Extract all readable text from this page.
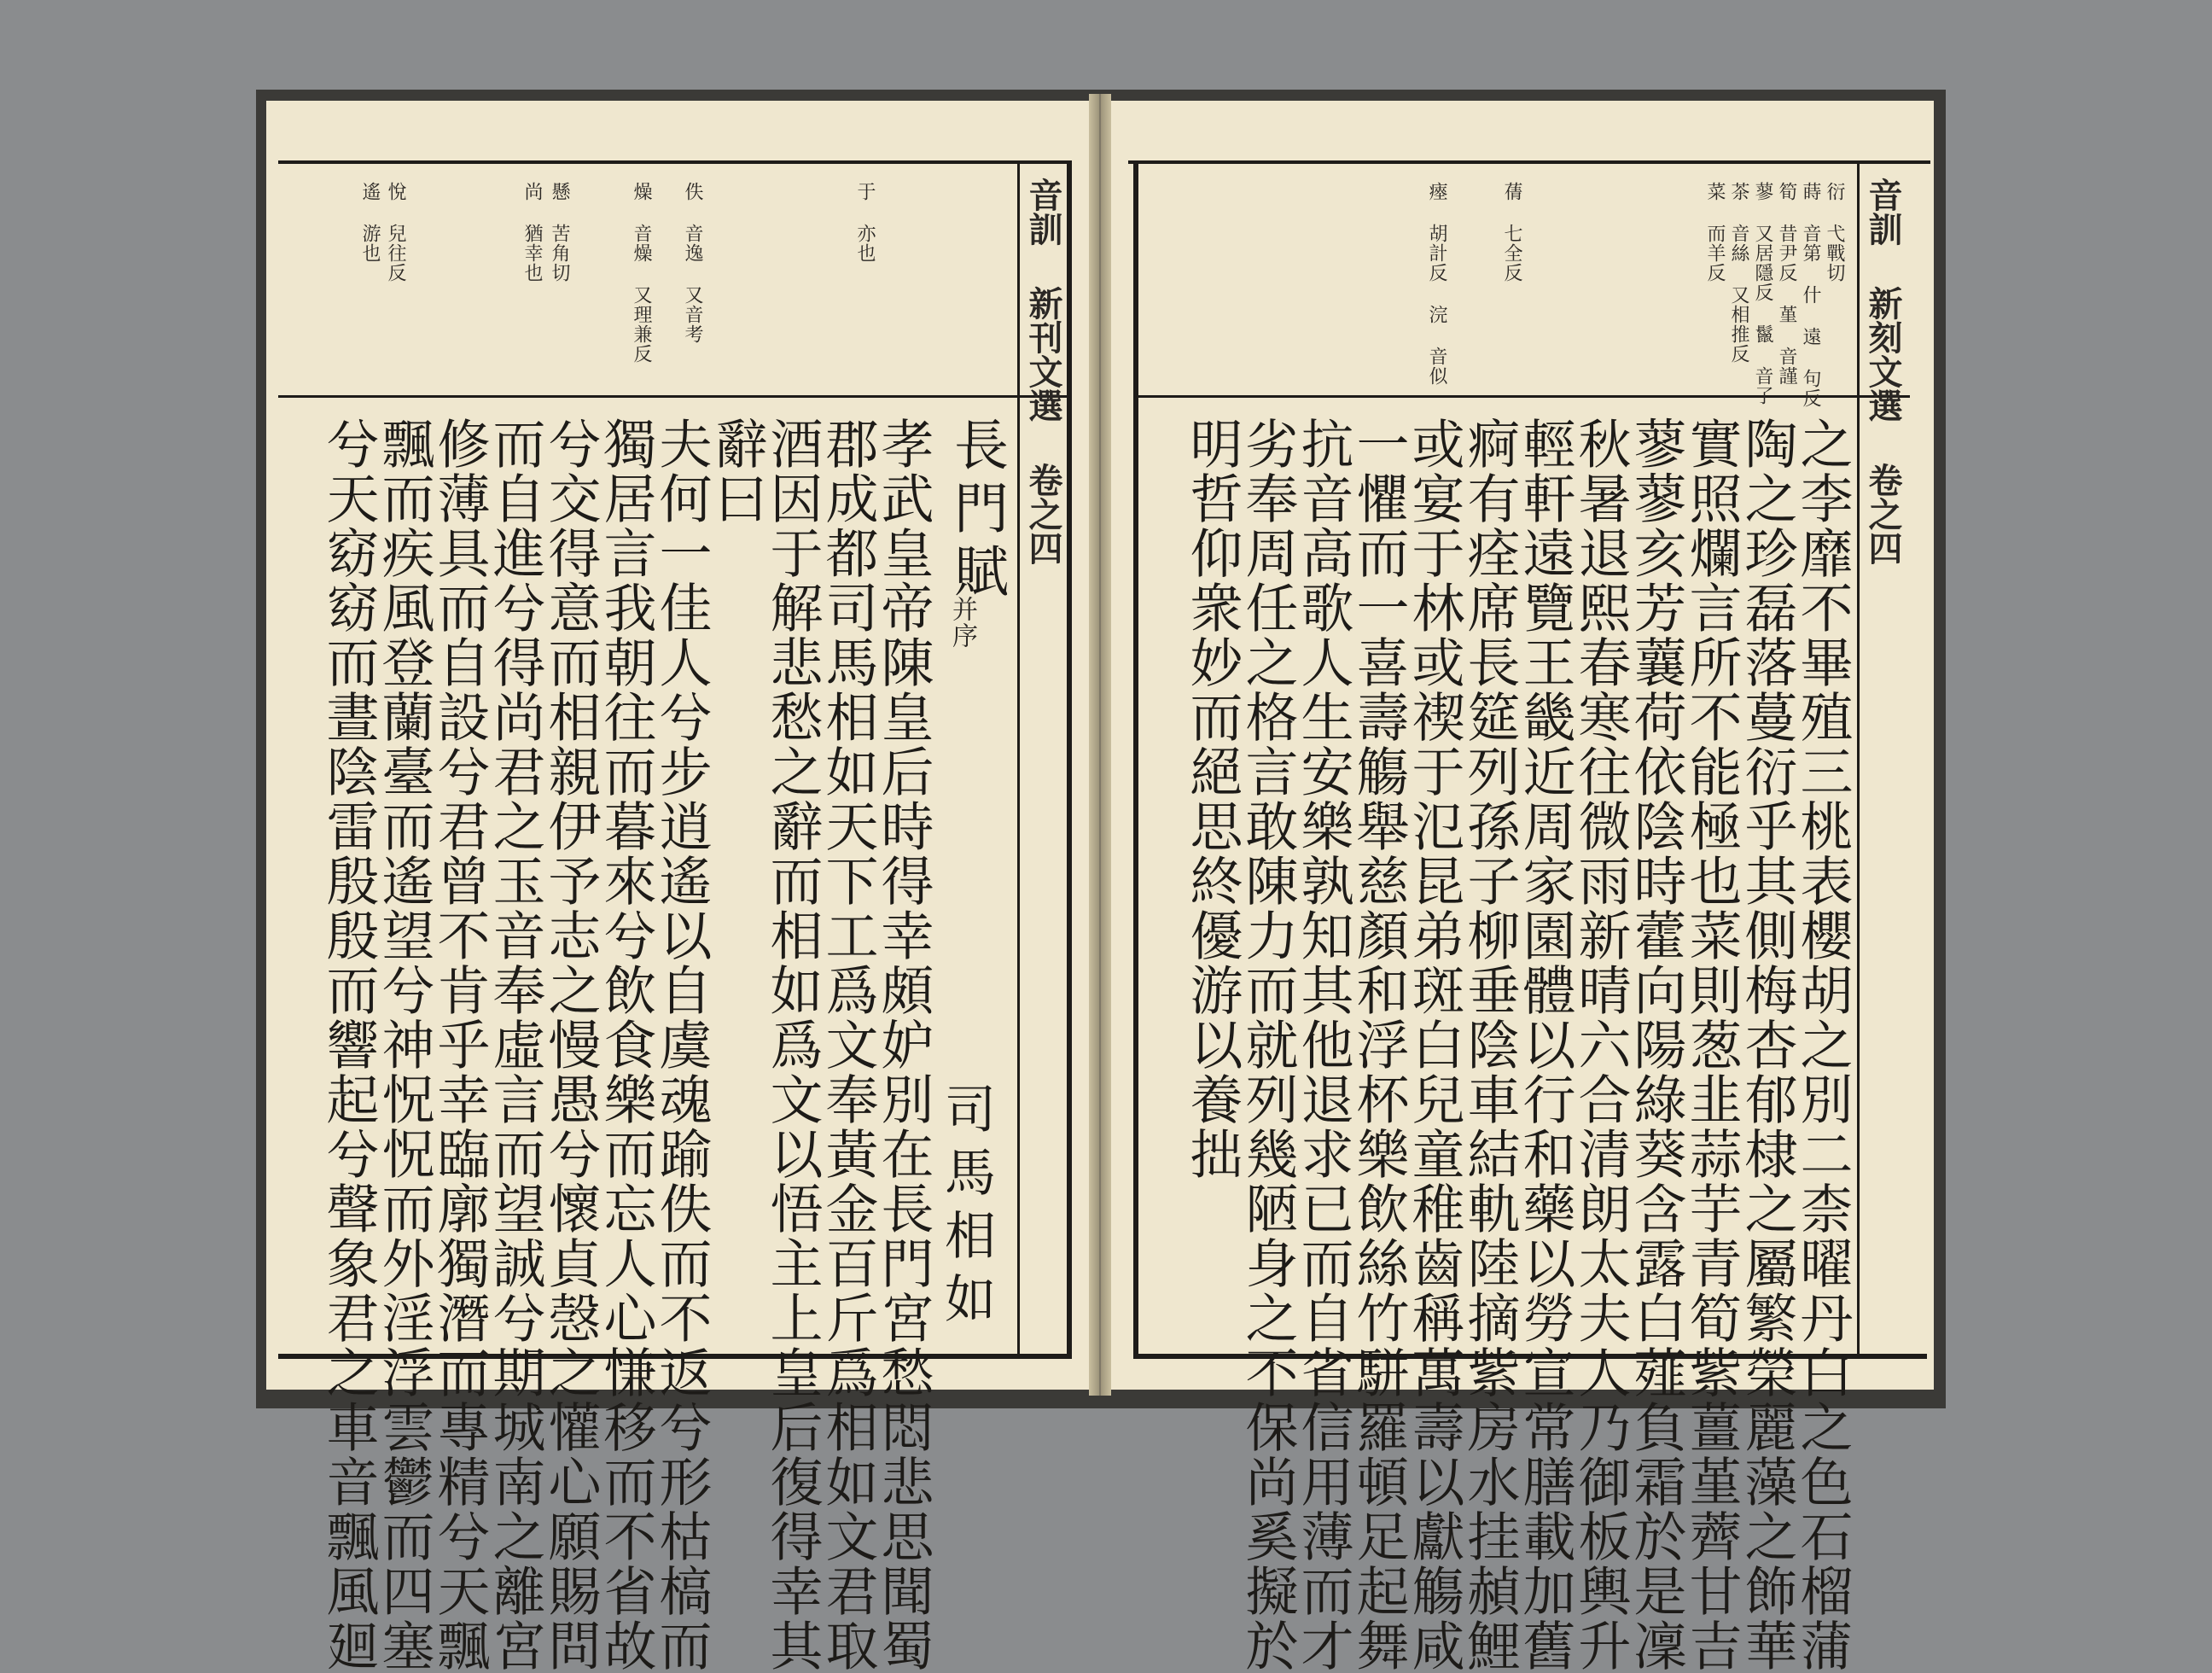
音訓 新刊文選 卷之四
于 亦也
佚 音逸 又音考
燥 音燥 又理兼反
懸 苦角切
尚 猶幸也
悅 兒往反
遙 游也
長門賦
并序
司馬相如
孝武皇帝陳皇后時得幸頗妒別在長門宮愁悶悲思聞蜀
郡成都司馬相如天下工爲文奉黃金百斤爲相如文君取
酒因于解悲愁之辭而相如爲文以悟主上皇后復得幸其
辭曰
夫何一佳人兮步逍遙以自虞魂踰佚而不返兮形枯槁而
獨居言我朝往而暮來兮飲食樂而忘人心慊移而不省故
兮交得意而相親伊予志之慢愚兮懷貞愨之懽心願賜問
而自進兮得尚君之玉音奉虛言而望誠兮期城南之離宮
修薄具而自設兮君曾不肯乎幸臨廓獨潛而專精兮天飄
飄而疾風登蘭臺而遙望兮神怳怳而外淫浮雲鬱而四塞
兮天窈窈而晝陰雷殷殷而響起兮聲象君之車音飄風廻
音訓 新刻文選 卷之四
衍 弋戰切
蒔 音第 什 遠 句反
筍 昔尹反 堇 音謹
蓼 又居隱反 鬣 音了
茶 音絲 又相推反
菜 而羊反
蒨 七全反
瘞 胡計反 浣 音似
之李靡不畢殖三桃表櫻胡之別二柰曜丹白之色石榴蒲
陶之珍磊落蔓衍乎其側梅杏郁棣之屬繁榮麗藻之飾華
實照爛言所不能極也菜則葱韭蒜芋青筍紫薑堇薺甘吉
蓼蓼亥芳蘘荷依陰時藿向陽綠葵含露白薤負霜於是凜
秋暑退熙春寒往微雨新晴六合清朗太夫人乃御板輿升
輕軒遠覽王畿近周家園體以行和藥以勞宣常膳載加舊
痾有痊席長筵列孫子柳垂陰車結軌陸摘紫房水挂赬鯉
或宴于林或禊于氾昆弟斑白兒童稚齒稱萬壽以獻觴咸
一懼而一喜壽觴舉慈顏和浮杯樂飲絲竹駢羅頓足起舞
抗音高歌人生安樂孰知其他退求已而自省信用薄而才
劣奉周任之格言敢陳力而就列幾陋身之不保尚奚擬於
明哲仰衆妙而絕思終優游以養拙
